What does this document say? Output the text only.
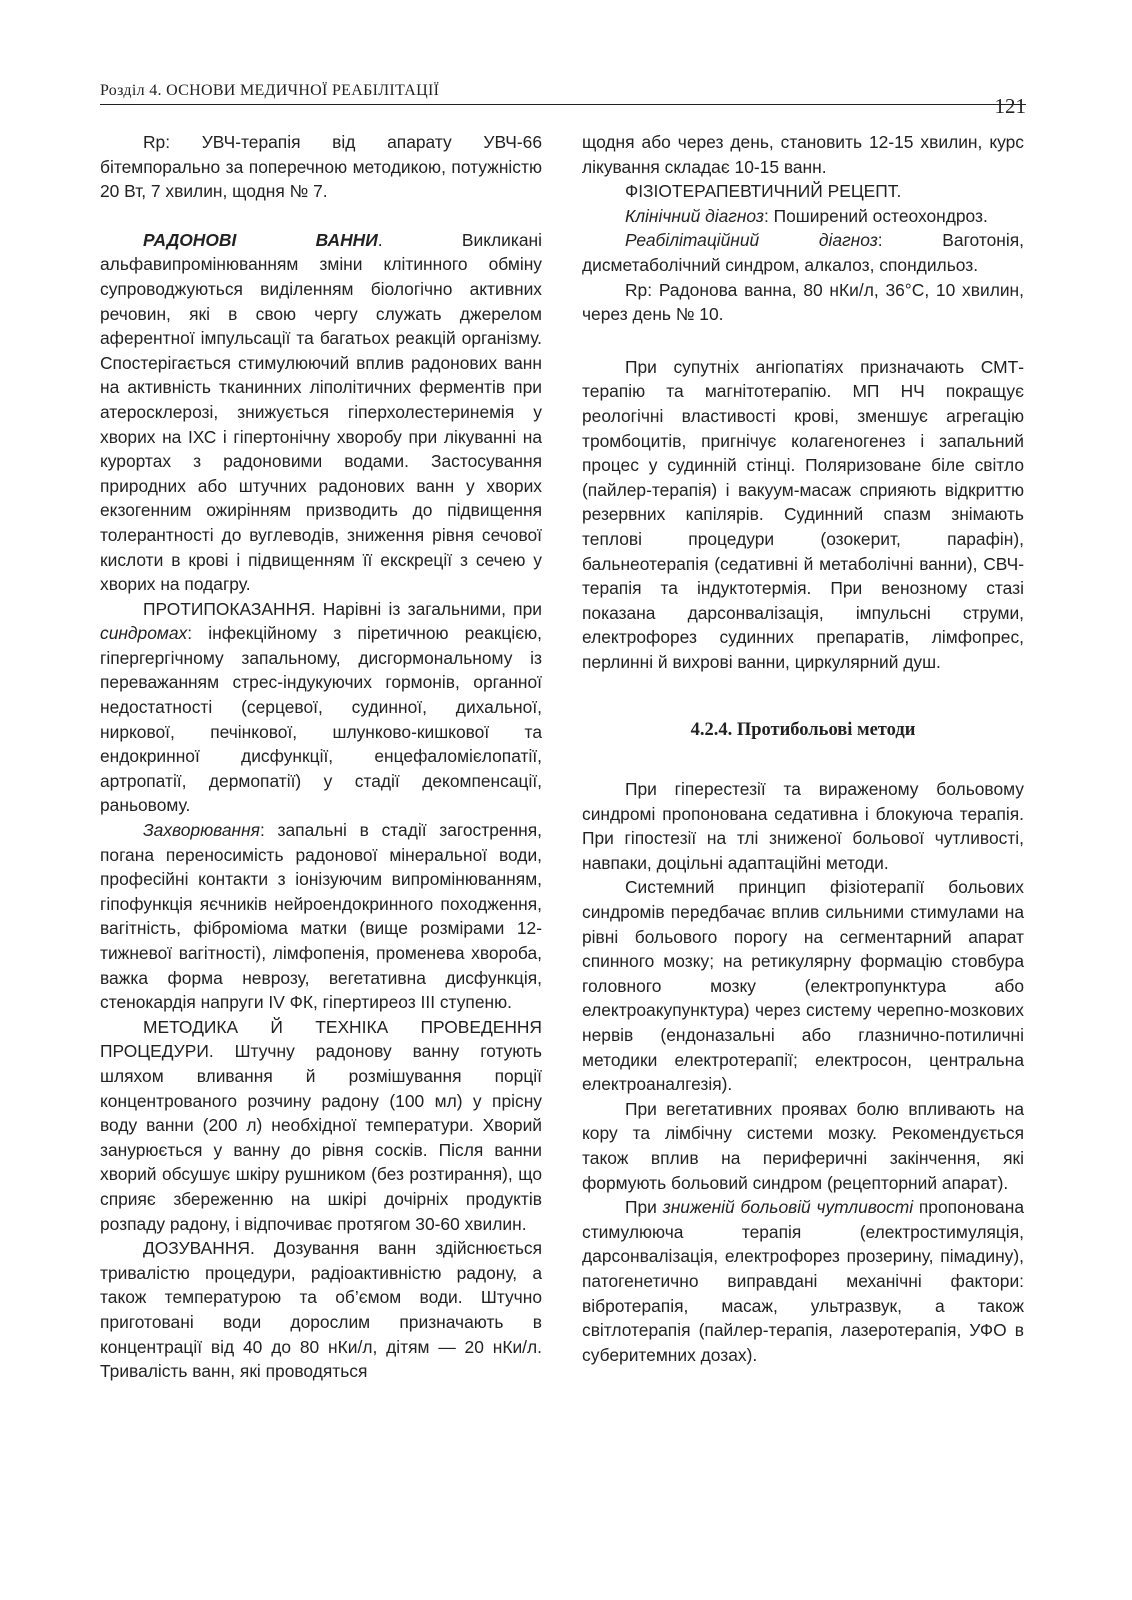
Розділ 4. ОСНОВИ МЕДИЧНОЇ РЕАБІЛІТАЦІЇ
121

Rp: УВЧ-терапія від апарату УВЧ-66 бітемпорально за поперечною методикою, потужністю 20 Вт, 7 хвилин, щодня № 7.

РАДОНОВІ ВАННИ. Викликані альфавипромінюванням зміни клітинного обміну супроводжуються виділенням біологічно активних речовин, які в свою чергу служать джерелом аферентної імпульсації та багатьох реакцій організму. Спостерігається стимулюючий вплив радонових ванн на активність тканинних ліполітичних ферментів при атеросклерозі, знижується гіперхолестеринемія у хворих на ІХС і гіпертонічну хворобу при лікуванні на курортах з радоновими водами. Застосування природних або штучних радонових ванн у хворих екзогенним ожирінням призводить до підвищення толерантності до вуглеводів, зниження рівня сечової кислоти в крові і підвищенням її екскреції з сечею у хворих на подагру.

ПРОТИПОКАЗАННЯ. Нарівні із загальними, при синдромах: інфекційному з піретичною реакцією, гіпергергічному запальному, дисгормональному із переважанням стрес-індукуючих гормонів, органної недостатності (серцевої, судинної, дихальної, ниркової, печінкової, шлунково-кишкової та ендокринної дисфункції, енцефаломієлопатії, артропатії, дермопатії) у стадії декомпенсації, раньовому.

Захворювання: запальні в стадії загострення, погана переносимість радонової мінеральної води, професійні контакти з іонізуючим випромінюванням, гіпофункція яєчників нейроендокринного походження, вагітність, фіброміома матки (вище розмірами 12-тижневої вагітності), лімфопенія, променева хвороба, важка форма неврозу, вегетативна дисфункція, стенокардія напруги IV ФК, гіпертиреоз III ступеню.

МЕТОДИКА Й ТЕХНІКА ПРОВЕДЕННЯ ПРОЦЕДУРИ. Штучну радонову ванну готують шляхом вливання й розмішування порції концентрованого розчину радону (100 мл) у прісну воду ванни (200 л) необхідної температури. Хворий занурюється у ванну до рівня сосків. Після ванни хворий обсушує шкіру рушником (без розтирання), що сприяє збереженню на шкірі дочірніх продуктів розпаду радону, і відпочиває протягом 30-60 хвилин.

ДОЗУВАННЯ. Дозування ванн здійснюється тривалістю процедури, радіоактивністю радону, а також температурою та об’ємом води. Штучно приготовані води дорослим призначають в концентрації від 40 до 80 нКи/л, дітям — 20 нКи/л. Тривалість ванн, які проводяться

щодня або через день, становить 12-15 хвилин, курс лікування складає 10-15 ванн.

ФІЗІОТЕРАПЕВТИЧНИЙ РЕЦЕПТ.

Клінічний діагноз: Поширений остеохондроз.

Реабілітаційний діагноз: Ваготонія, дисметаболічний синдром, алкалоз, спондильоз.

Rp: Радонова ванна, 80 нКи/л, 36°С, 10 хвилин, через день № 10.

При супутніх ангіопатіях призначають СМТ-терапію та магнітотерапію. МП НЧ покращує реологічні властивості крові, зменшує агрегацію тромбоцитів, пригнічує колагеногенез і запальний процес у судинній стінці. Поляризоване біле світло (пайлер-терапія) і вакуум-масаж сприяють відкриттю резервних капілярів. Судинний спазм знімають теплові процедури (озокерит, парафін), бальнеотерапія (седативні й метаболічні ванни), СВЧ-терапія та індуктотермія. При венозному стазі показана дарсонвалізація, імпульсні струми, електрофорез судинних препаратів, лімфопрес, перлинні й вихрові ванни, циркулярний душ.

4.2.4. Протибольові методи

При гіперестезії та вираженому больовому синдромі пропонована седативна і блокуюча терапія. При гіпостезії на тлі зниженої больової чутливості, навпаки, доцільні адаптаційні методи.

Системний принцип фізіотерапії больових синдромів передбачає вплив сильними стимулами на рівні больового порогу на сегментарний апарат спинного мозку; на ретикулярну формацію стовбура головного мозку (електропунктура або електроакупунктура) через систему черепно-мозкових нервів (ендоназальні або глазнично-потиличні методики електротерапії; електросон, центральна електроаналгезія).

При вегетативних проявах болю впливають на кору та лімбічну системи мозку. Рекомендується також вплив на периферичні закінчення, які формують больовий синдром (рецепторний апарат).

При зниженій больовій чутливості пропонована стимулююча терапія (електростимуляція, дарсонвалізація, електрофорез прозерину, пімадину), патогенетично виправдані механічні фактори: вібротерапія, масаж, ультразвук, а також світлотерапія (пайлер-терапія, лазеротерапія, УФО в суберитемних дозах).
